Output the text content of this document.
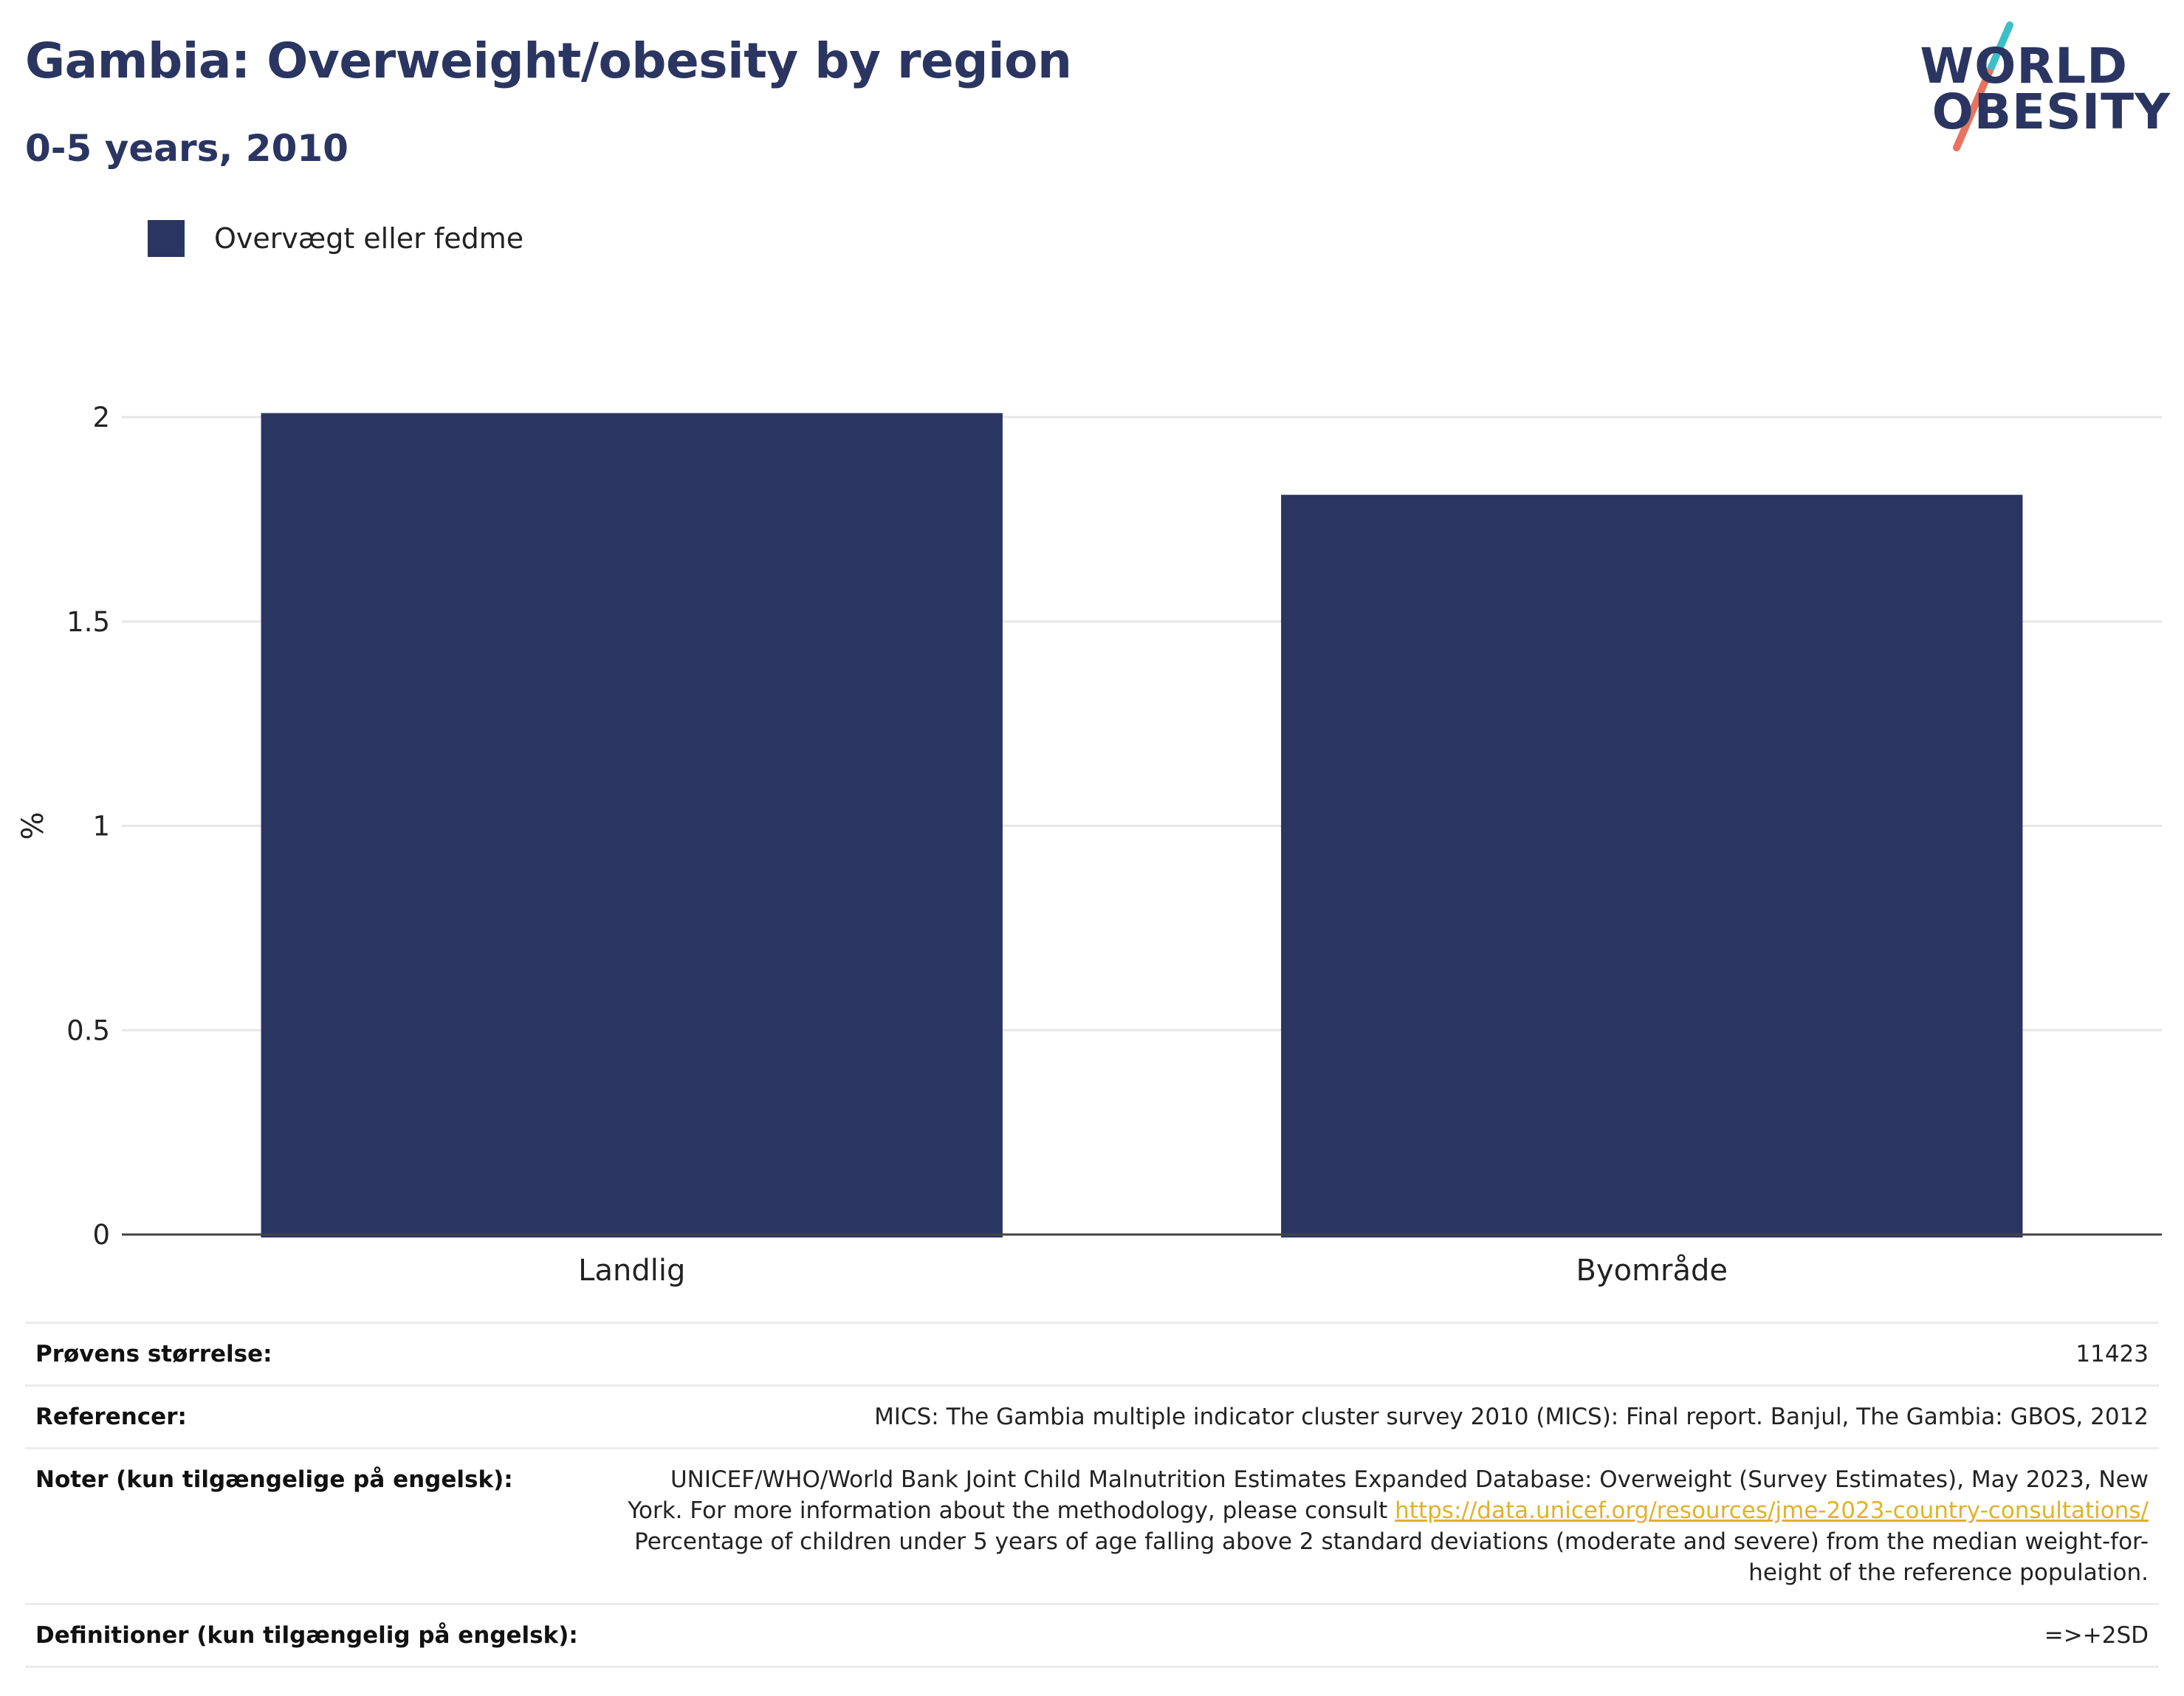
Gambia: Overweight/obesity by region
0-5 years, 2010
WORLD
OBESITY
Overvægt eller fedme
0
0.5
1
1.5
2
Landlig	Byområde
%
Prøvens størrelse:	11423
Referencer:	MICS: The Gambia multiple indicator cluster survey 2010 (MICS): Final report. Banjul, The Gambia: GBOS, 2012
Noter (kun tilgængelige på engelsk):	UNICEF/WHO/World Bank Joint Child Malnutrition Estimates Expanded Database: Overweight (Survey Estimates), May 2023, New York. For more information about the methodology, please consult https://data.unicef.org/resources/jme-2023-country-consultations/
Percentage of children under 5 years of age falling above 2 standard deviations (moderate and severe) from the median weight-for-height of the reference population.
Definitioner (kun tilgængelig på engelsk):	=>+2SD
